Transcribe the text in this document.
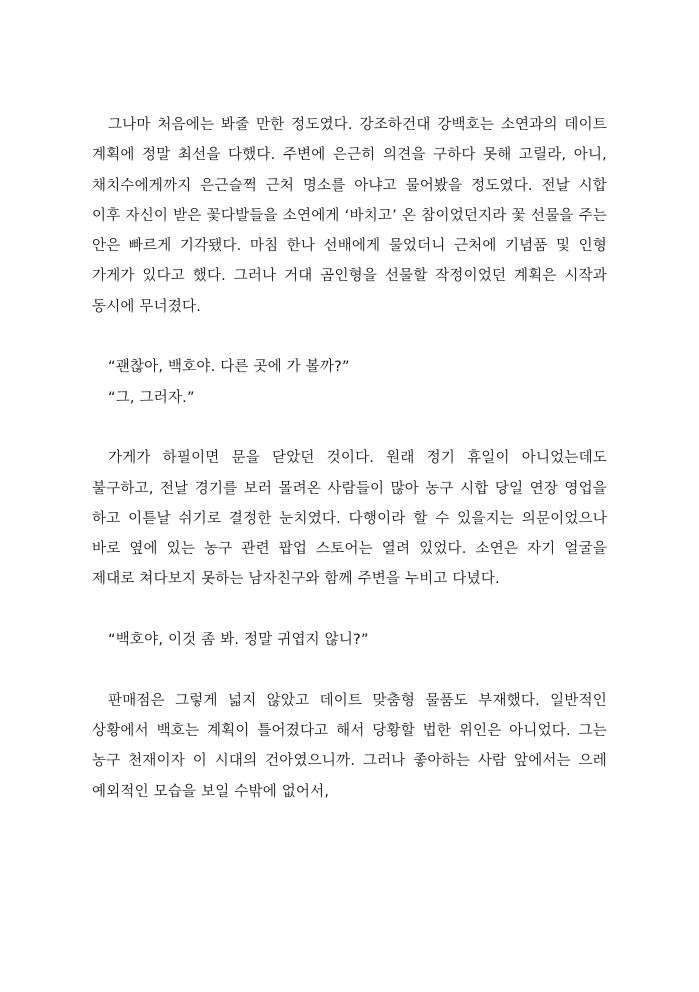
그나마 처음에는 봐줄 만한 정도였다. 강조하건대 강백호는 소연과의 데이트 계획에 정말 최선을 다했다. 주변에 은근히 의견을 구하다 못해 고릴라, 아니, 채치수에게까지 은근슬쩍 근처 명소를 아냐고 물어봤을 정도였다. 전날 시합 이후 자신이 받은 꽃다발들을 소연에게 ‘바치고’ 온 참이었던지라 꽃 선물을 주는 안은 빠르게 기각됐다. 마침 한나 선배에게 물었더니 근처에 기념품 및 인형 가게가 있다고 했다. 그러나 거대 곰인형을 선물할 작정이었던 계획은 시작과 동시에 무너졌다.

“괜찮아, 백호야. 다른 곳에 가 볼까?”

“그, 그러자.”

가게가 하필이면 문을 닫았던 것이다. 원래 정기 휴일이 아니었는데도 불구하고, 전날 경기를 보러 몰려온 사람들이 많아 농구 시합 당일 연장 영업을 하고 이튿날 쉬기로 결정한 눈치였다. 다행이라 할 수 있을지는 의문이었으나 바로 옆에 있는 농구 관련 팝업 스토어는 열려 있었다. 소연은 자기 얼굴을 제대로 쳐다보지 못하는 남자친구와 함께 주변을 누비고 다녔다.

“백호야, 이것 좀 봐. 정말 귀엽지 않니?”

판매점은 그렇게 넓지 않았고 데이트 맞춤형 물품도 부재했다. 일반적인 상황에서 백호는 계획이 틀어졌다고 해서 당황할 법한 위인은 아니었다. 그는 농구 천재이자 이 시대의 건아였으니까. 그러나 좋아하는 사람 앞에서는 으레 예외적인 모습을 보일 수밖에 없어서,
